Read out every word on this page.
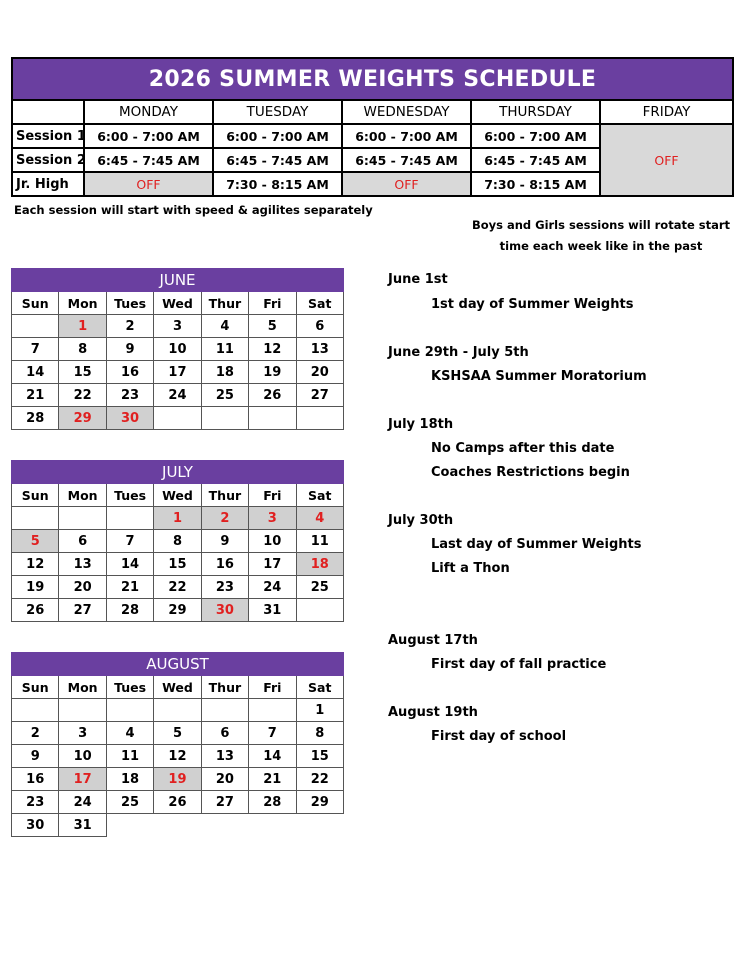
2026 SUMMER WEIGHTS SCHEDULE					
	MONDAY	TUESDAY	WEDNESDAY	THURSDAY	FRIDAY
Session 1	6:00 - 7:00 AM	6:00 - 7:00 AM	6:00 - 7:00 AM	6:00 - 7:00 AM	OFF
Session 2	6:45 - 7:45 AM	6:45 - 7:45 AM	6:45 - 7:45 AM	6:45 - 7:45 AM	
Jr. High	OFF	7:30 - 8:15 AM	OFF	7:30 - 8:15 AM	
Each session will start with speed & agilites separately
Boys and Girls sessions will rotate start
time each week like in the past
JUNE						
Sun	Mon	Tues	Wed	Thur	Fri	Sat
	1	2	3	4	5	6
7	8	9	10	11	12	13
14	15	16	17	18	19	20
21	22	23	24	25	26	27
28	29	30				
JULY						
Sun	Mon	Tues	Wed	Thur	Fri	Sat
			1	2	3	4
5	6	7	8	9	10	11
12	13	14	15	16	17	18
19	20	21	22	23	24	25
26	27	28	29	30	31	
AUGUST						
Sun	Mon	Tues	Wed	Thur	Fri	Sat
						1
2	3	4	5	6	7	8
9	10	11	12	13	14	15
16	17	18	19	20	21	22
23	24	25	26	27	28	29
30	31					
June 1st
1st day of Summer Weights
June 29th - July 5th
KSHSAA Summer Moratorium
July 18th
No Camps after this date
Coaches Restrictions begin
July 30th
Last day of Summer Weights
Lift a Thon
August 17th
First day of fall practice
August 19th
First day of school
